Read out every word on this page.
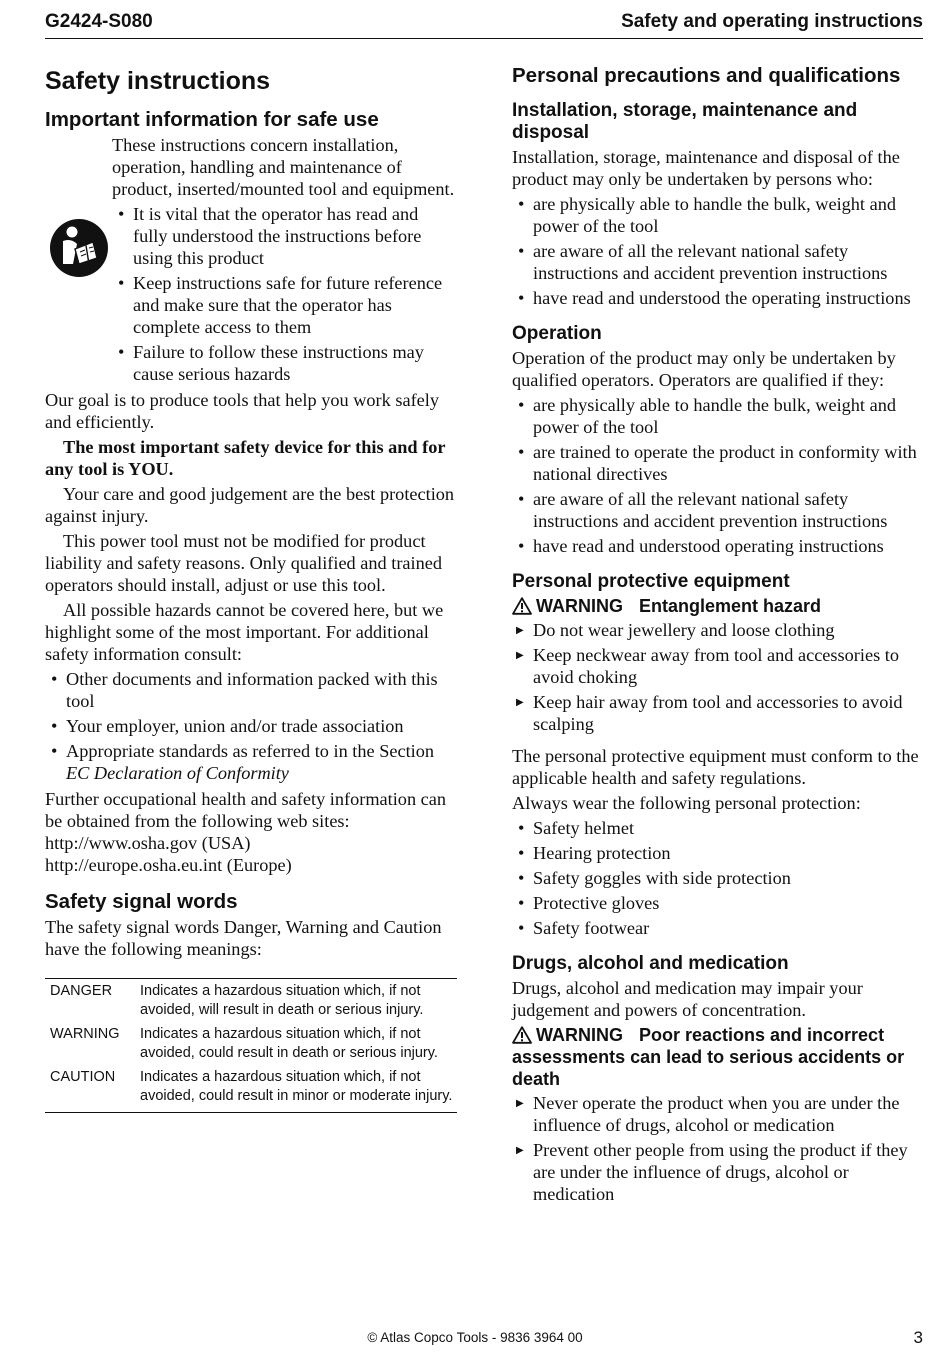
G2424-S080	Safety and operating instructions
Safety instructions
Important information for safe use

These instructions concern installation, operation, handling and maintenance of product, inserted/mounted tool and equipment.

• It is vital that the operator has read and fully understood the instructions before using this product
• Keep instructions safe for future reference and make sure that the operator has complete access to them
• Failure to follow these instructions may cause serious hazards

Our goal is to produce tools that help you work safely and efficiently.

The most important safety device for this and for any tool is YOU.

Your care and good judgement are the best protection against injury.

This power tool must not be modified for product liability and safety reasons. Only qualified and trained operators should install, adjust or use this tool.

All possible hazards cannot be covered here, but we highlight some of the most important. For additional safety information consult:

• Other documents and information packed with this tool
• Your employer, union and/or trade association
• Appropriate standards as referred to in the Section EC Declaration of Conformity

Further occupational health and safety information can be obtained from the following web sites:
http://www.osha.gov (USA)
http://europe.osha.eu.int (Europe)

Safety signal words

The safety signal words Danger, Warning and Caution have the following meanings:

DANGER	Indicates a hazardous situation which, if not avoided, will result in death or serious injury.
WARNING	Indicates a hazardous situation which, if not avoided, could result in death or serious injury.
CAUTION	Indicates a hazardous situation which, if not avoided, could result in minor or moderate injury.
Personal precautions and qualifications
Installation, storage, maintenance and disposal

Installation, storage, maintenance and disposal of the product may only be undertaken by persons who:

• are physically able to handle the bulk, weight and power of the tool
• are aware of all the relevant national safety instructions and accident prevention instructions
• have read and understood the operating instructions
Operation

Operation of the product may only be undertaken by qualified operators. Operators are qualified if they:

• are physically able to handle the bulk, weight and power of the tool
• are trained to operate the product in conformity with national directives
• are aware of all the relevant national safety instructions and accident prevention instructions
• have read and understood operating instructions
Personal protective equipment
WARNING Entanglement hazard
▶ Do not wear jewellery and loose clothing
▶ Keep neckwear away from tool and accessories to avoid choking
▶ Keep hair away from tool and accessories to avoid scalping

The personal protective equipment must conform to the applicable health and safety regulations.

Always wear the following personal protection:

• Safety helmet
• Hearing protection
• Safety goggles with side protection
• Protective gloves
• Safety footwear
Drugs, alcohol and medication

Drugs, alcohol and medication may impair your judgement and powers of concentration.

WARNING Poor reactions and incorrect assessments can lead to serious accidents or death
▶ Never operate the product when you are under the influence of drugs, alcohol or medication
▶ Prevent other people from using the product if they are under the influence of drugs, alcohol or medication
© Atlas Copco Tools - 9836 3964 00	3
